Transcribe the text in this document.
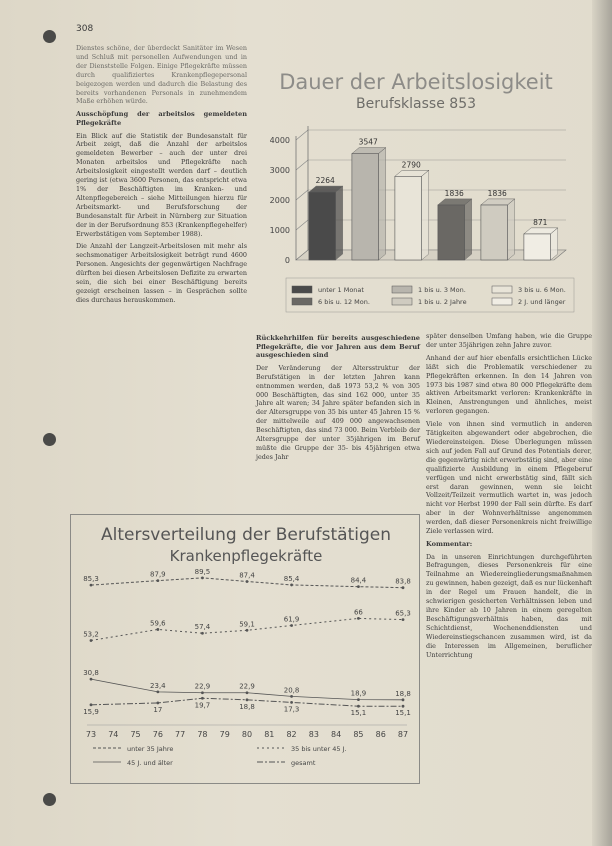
308

Dienstes schöne, der überdeckt Sanitäter im Wesen und Schluß mit personellen Aufwendungen und in der Dienststelle Folgen. Einige Pflegekräfte müssen durch qualifiziertes Krankenpflegepersonal beigezogen werden und dadurch die Belastung des bereits vorhandenen Personals in zunehmendem Maße erhöhen würde.

Ausschöpfung der arbeitslos gemeldeten Pflegekräfte

Ein Blick auf die Statistik der Bundesanstalt für Arbeit zeigt, daß die Anzahl der arbeitslos gemeldeten Bewerber – auch der unter drei Monaten arbeitslos und Pflegekräfte nach Arbeitslosigkeit eingestellt werden darf – deutlich gering ist (etwa 3600 Personen, das entspricht etwa 1% der Beschäftigten im Kranken- und Altenpflegebereich – siehe Mitteilungen hierzu für Arbeitsmarkt- und Berufsforschung der Bundesanstalt für Arbeit in Nürnberg zur Situation der in der Berufsordnung 853 (Krankenpflegehelfer) Erwerbstätigen vom September 1988).

Die Anzahl der Langzeit-Arbeitslosen mit mehr als sechsmonatiger Arbeitslosigkeit beträgt rund 4600 Personen. Angesichts der gegenwärtigen Nachfrage dürften bei diesen Arbeitslosen Defizite zu erwarten sein, die sich bei einer Beschäftigung bereits gezeigt erscheinen lassen – in Gesprächen sollte dies durchaus herauskommen.

Dauer der Arbeitslosigkeit
Berufsklasse 853
0
1000
2000
3000
4000
2264
3547
2790
1836	1836
871
unter 1 Monat	1 bis u. 3 Mon.	3 bis u. 6 Mon.
6 bis u. 12 Mon.	1 bis u. 2 Jahre	2 J. und länger
Rückkehrhilfen für bereits ausgeschiedene Pflegekräfte, die vor Jahren aus dem Beruf ausgeschieden sind

Der Veränderung der Altersstruktur der Berufstätigen in der letzten Jahren kann entnommen werden, daß 1973 53,2 % von 305 000 Beschäftigten, das sind 162 000, unter 35 Jahre alt waren; 34 Jahre später befanden sich in der Altersgruppe von 35 bis unter 45 Jahren 15 % der mittelweile auf 409 000 angewachsenen Beschäftigten, das sind 73 000. Beim Verbleib der Altersgruppe der unter 35jährigen im Beruf müßte die Gruppe der 35- bis 45jährigen etwa jedes Jahr

später denselben Umfang haben, wie die Gruppe der unter 35jährigen zehn Jahre zuvor.

Anhand der auf hier ebenfalls ersichtlichen Lücke läßt sich die Problematik verschiedener zu Pflegekräften erkennen. In den 14 Jahren von 1973 bis 1987 sind etwa 80 000 Pflegekräfte dem aktiven Arbeitsmarkt verloren: Krankenkräfte in Kleinen, Anstrengungen und ähnliches, meist verloren gegangen.

Viele von ihnen sind vermutlich in anderen Tätigkeiten abgewandert oder abgebrochen, die Wiedereinsteigen. Diese Überlegungen müssen sich auf jeden Fall auf Grund des Potentials derer, die gegenwärtig nicht erwerbstätig sind, aber eine qualifizierte Ausbildung in einem Pflegeberuf verfügen und nicht erwerbstätig sind, fällt sich erst daran gewinnen, wenn sie leicht Vollzeit/Teilzeit vermutlich wartet in, was jedoch nicht vor Herbst 1990 der Fall sein dürfte. Es darf aber in der Wohnverhältnisse angenommen werden, daß dieser Personenkreis nicht freiwillige Ziele verlassen wird.

Kommentar:

Da in unseren Einrichtungen durchgeführten Befragungen, dieses Personenkreis für eine Teilnahme an Wiedereingliederungsmaßnahmen zu gewinnen, haben gezeigt, daß es nur lückenhaft in der Regel um Frauen handelt, die in schwierigen gesicherten Verhältnissen leben und ihre Kinder ab 10 Jahren in einem geregelten Beschäftigungsverhältnis haben, das mit Schichtdienst, Wochenenddiensten und Wiedereinstiegschancen zusammen wird, ist da die Interessen im Allgemeinen, beruflicher Unterrichtung

Altersverteilung der Berufstätigen
Krankenpflegekräfte
73 74 75 76 77 78 79 80 81 82 83 84 85 86 87
85,3
87,9	89,5	87,4	85,4	84,4	83,8
53,2
59,6	57,4	59,1
61,9
66	65,3
30,8
23,4	22,9	22,9	20,8	18,9	18,8
15,9	17
19,7	18,8	17,3	15,1	15,1
unter 35 Jahre	35 bis unter 45 J.
45 J. und älter	gesamt
